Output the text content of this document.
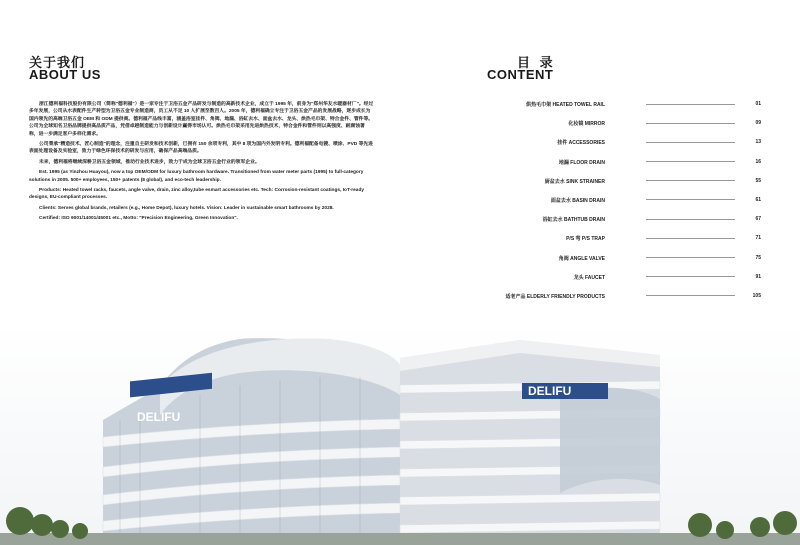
关于我们
ABOUT US

浙江德利福科技股份有限公司（简称"德利福"）是一家专注于卫浴五金产品研发与制造的高新技术企业，成立于 1995 年，前身为"郑州华友水暖器材厂"。经过多年发展，公司从水表配件生产转型为卫浴五金专业制造商，员工从不足 10 人扩展至数百人。2005 年，德利福确立专注于卫浴五金产品的发展战略，逐步成长为国内领先的高端卫浴五金 OEM 和 ODM 提供商。德利福产品线丰富，涵盖浴室挂件、角阀、地漏、浴缸去水、面盆去水、龙头、烘热毛巾架、特合金件、管件等。公司为全球知名卫浴品牌提供高品质产品，凭借卓越制造能力与创新设计赢得市场认可。烘热毛巾架采用先进烘热技术，特合金件和管件则以高强度、耐腐蚀著称，进一步满足客户多样化需求。

公司秉承"精造技术、匠心制造"的理念，注重自主研发和技术创新，已拥有 150 余项专利，其中 8 项为国内外发明专利。德利福配备电镀、喷涂、PVD 等先进表面处理设备及实验室，致力于绿色环保技术的研发与应用，确保产品高端品质。

未来，德利福将继续深耕卫浴五金领域，推动行业技术进步，致力于成为全球卫浴五金行业的领军企业。

Est. 1995 (as Yinzhou Huayou), now a top OEM/ODM for luxury bathroom hardware. Transitioned from water meter parts (1995) to full-category solutions in 2005. 500+ employees, 150+ patents (8 global), and eco-tech leadership.

Products: Heated towel racks, faucets, angle valve, drain, zinc alloy,tube esmart accessories etc. Tech: Corrosion-resistant coatings, IoT-ready designs, EU-compliant processes.

Clients: Serves global brands, retailers (e.g., Home Depot), luxury hotels. Vision: Leader in sustainable smart bathrooms by 2028.

Certified: ISO 9001/14001/45001 etc., Motto: "Precision Engineering, Green Innovation".

目 录
CONTENT
烘热毛巾架 HEATED TOWEL RAIL	01
化妆镜 MIRROR	09
挂件 ACCESSORIES	13
地漏 FLOOR DRAIN	16
厨盆去水 SINK STRAINER	55
面盆去水 BASIN DRAIN	61
浴缸去水 BATHTUB DRAIN	67
P/S 弯 P/S TRAP	71
角阀 ANGLE VALVE	75
龙头 FAUCET	91
适老产品 ELDERLY FRIENDLY PRODUCTS	105
DELIFU
DELIFU
